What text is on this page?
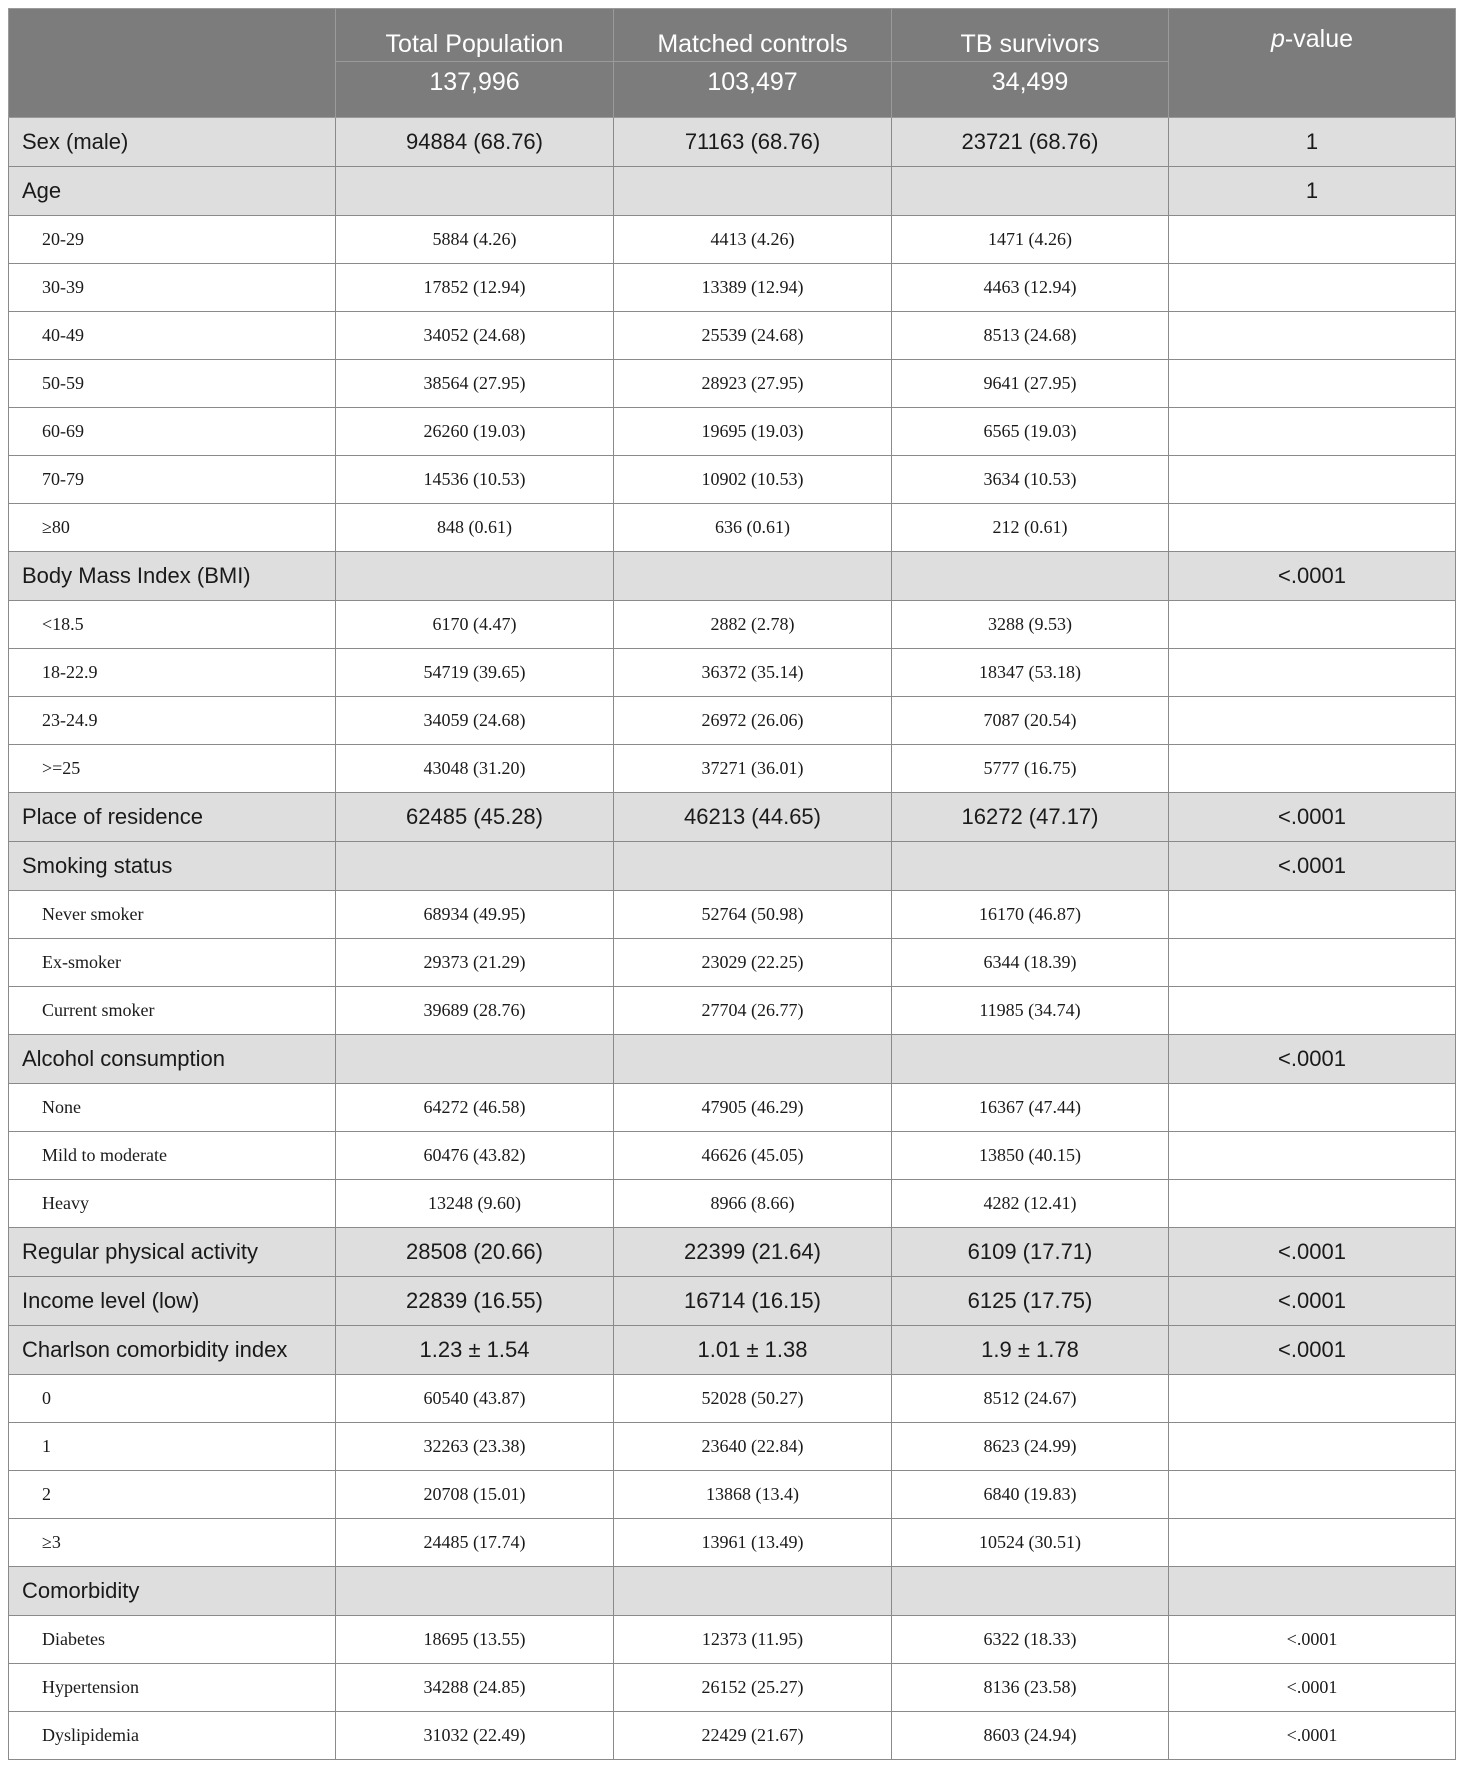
	Total Population	Matched controls	TB survivors	p-value
	137,996	103,497	34,499	
Sex (male)	94884 (68.76)	71163 (68.76)	23721 (68.76)	1
Age				1
20-29	5884 (4.26)	4413 (4.26)	1471 (4.26)	
30-39	17852 (12.94)	13389 (12.94)	4463 (12.94)	
40-49	34052 (24.68)	25539 (24.68)	8513 (24.68)	
50-59	38564 (27.95)	28923 (27.95)	9641 (27.95)	
60-69	26260 (19.03)	19695 (19.03)	6565 (19.03)	
70-79	14536 (10.53)	10902 (10.53)	3634 (10.53)	
≥80	848 (0.61)	636 (0.61)	212 (0.61)	
Body Mass Index (BMI)				<.0001
<18.5	6170 (4.47)	2882 (2.78)	3288 (9.53)	
18-22.9	54719 (39.65)	36372 (35.14)	18347 (53.18)	
23-24.9	34059 (24.68)	26972 (26.06)	7087 (20.54)	
>=25	43048 (31.20)	37271 (36.01)	5777 (16.75)	
Place of residence	62485 (45.28)	46213 (44.65)	16272 (47.17)	<.0001
Smoking status				<.0001
Never smoker	68934 (49.95)	52764 (50.98)	16170 (46.87)	
Ex-smoker	29373 (21.29)	23029 (22.25)	6344 (18.39)	
Current smoker	39689 (28.76)	27704 (26.77)	11985 (34.74)	
Alcohol consumption				<.0001
None	64272 (46.58)	47905 (46.29)	16367 (47.44)	
Mild to moderate	60476 (43.82)	46626 (45.05)	13850 (40.15)	
Heavy	13248 (9.60)	8966 (8.66)	4282 (12.41)	
Regular physical activity	28508 (20.66)	22399 (21.64)	6109 (17.71)	<.0001
Income level (low)	22839 (16.55)	16714 (16.15)	6125 (17.75)	<.0001
Charlson comorbidity index	1.23 ± 1.54	1.01 ± 1.38	1.9 ± 1.78	<.0001
0	60540 (43.87)	52028 (50.27)	8512 (24.67)	
1	32263 (23.38)	23640 (22.84)	8623 (24.99)	
2	20708 (15.01)	13868 (13.4)	6840 (19.83)	
≥3	24485 (17.74)	13961 (13.49)	10524 (30.51)	
Comorbidity				
Diabetes	18695 (13.55)	12373 (11.95)	6322 (18.33)	<.0001
Hypertension	34288 (24.85)	26152 (25.27)	8136 (23.58)	<.0001
Dyslipidemia	31032 (22.49)	22429 (21.67)	8603 (24.94)	<.0001
